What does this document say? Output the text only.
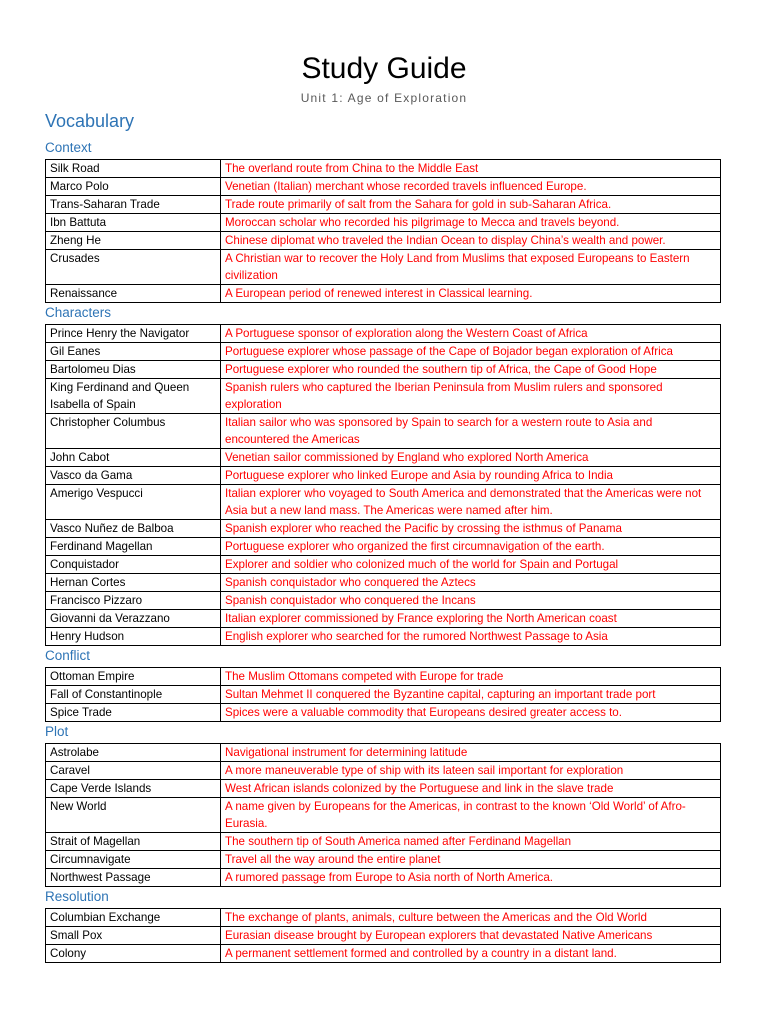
Study Guide
Unit 1: Age of Exploration
Vocabulary
Context
Silk Road	The overland route from China to the Middle East
Marco Polo	Venetian (Italian) merchant whose recorded travels influenced Europe.
Trans-Saharan Trade	Trade route primarily of salt from the Sahara for gold in sub-Saharan Africa.
Ibn Battuta	Moroccan scholar who recorded his pilgrimage to Mecca and travels beyond.
Zheng He	Chinese diplomat who traveled the Indian Ocean to display China’s wealth and power.
Crusades	A Christian war to recover the Holy Land from Muslims that exposed Europeans to Eastern civilization
Renaissance	A European period of renewed interest in Classical learning.
Characters
Prince Henry the Navigator	A Portuguese sponsor of exploration along the Western Coast of Africa
Gil Eanes	Portuguese explorer whose passage of the Cape of Bojador began exploration of Africa
Bartolomeu Dias	Portuguese explorer who rounded the southern tip of Africa, the Cape of Good Hope
King Ferdinand and Queen Isabella of Spain	Spanish rulers who captured the Iberian Peninsula from Muslim rulers and sponsored exploration
Christopher Columbus	Italian sailor who was sponsored by Spain to search for a western route to Asia and encountered the Americas
John Cabot	Venetian sailor commissioned by England who explored North America
Vasco da Gama	Portuguese explorer who linked Europe and Asia by rounding Africa to India
Amerigo Vespucci	Italian explorer who voyaged to South America and demonstrated that the Americas were not Asia but a new land mass. The Americas were named after him.
Vasco Nuñez de Balboa	Spanish explorer who reached the Pacific by crossing the isthmus of Panama
Ferdinand Magellan	Portuguese explorer who organized the first circumnavigation of the earth.
Conquistador	Explorer and soldier who colonized much of the world for Spain and Portugal
Hernan Cortes	Spanish conquistador who conquered the Aztecs
Francisco Pizzaro	Spanish conquistador who conquered the Incans
Giovanni da Verazzano	Italian explorer commissioned by France exploring the North American coast
Henry Hudson	English explorer who searched for the rumored Northwest Passage to Asia
Conflict
Ottoman Empire	The Muslim Ottomans competed with Europe for trade
Fall of Constantinople	Sultan Mehmet II conquered the Byzantine capital, capturing an important trade port
Spice Trade	Spices were a valuable commodity that Europeans desired greater access to.
Plot
Astrolabe	Navigational instrument for determining latitude
Caravel	A more maneuverable type of ship with its lateen sail important for exploration
Cape Verde Islands	West African islands colonized by the Portuguese and link in the slave trade
New World	A name given by Europeans for the Americas, in contrast to the known ‘Old World’ of Afro-Eurasia.
Strait of Magellan	The southern tip of South America named after Ferdinand Magellan
Circumnavigate	Travel all the way around the entire planet
Northwest Passage	A rumored passage from Europe to Asia north of North America.
Resolution
Columbian Exchange	The exchange of plants, animals, culture between the Americas and the Old World
Small Pox	Eurasian disease brought by European explorers that devastated Native Americans
Colony	A permanent settlement formed and controlled by a country in a distant land.
